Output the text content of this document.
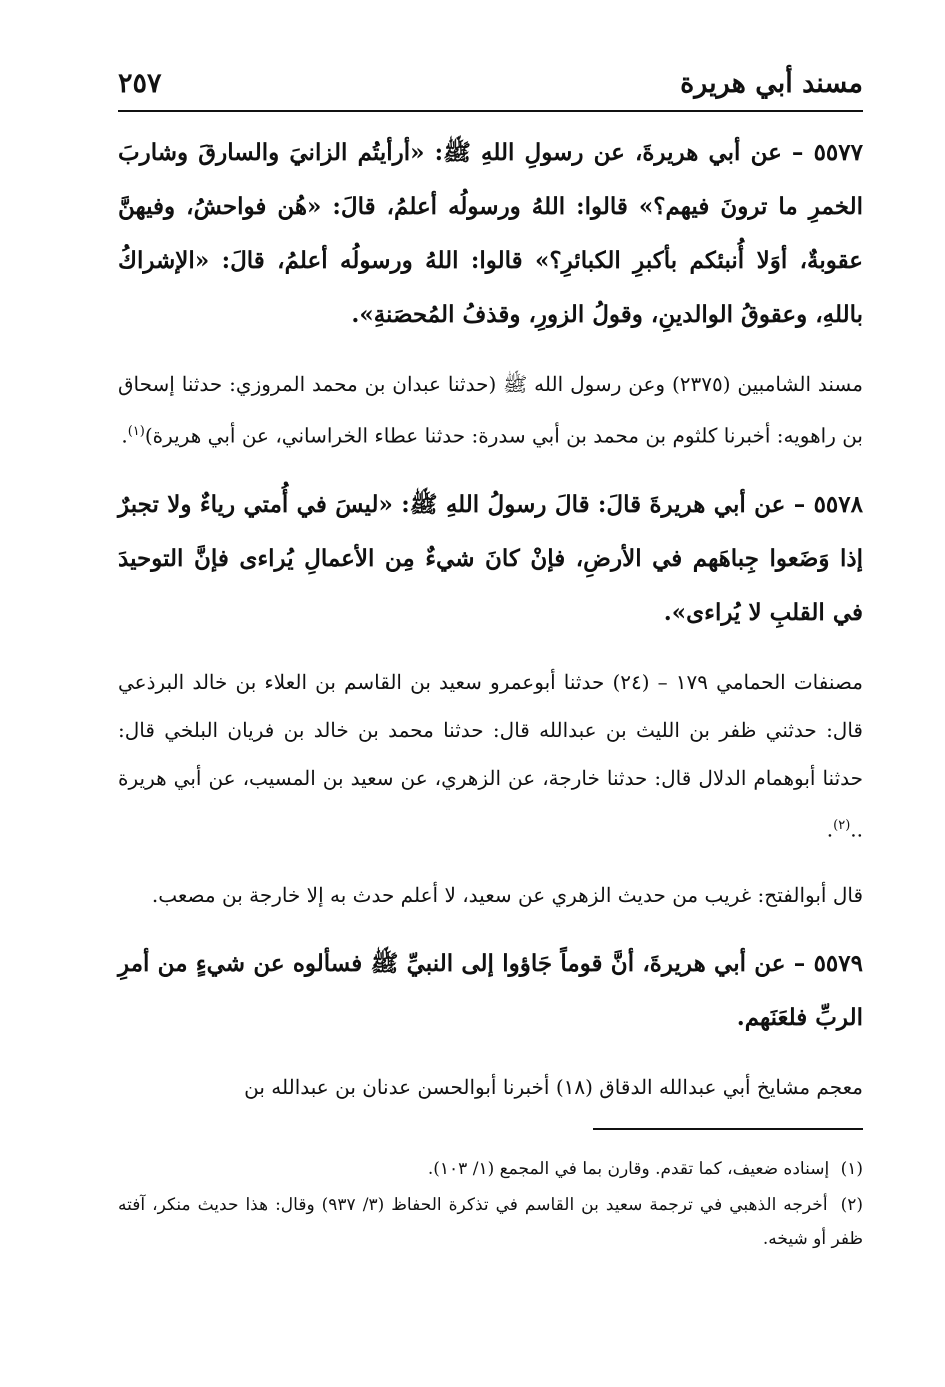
مسند أبي هريرة
٢٥٧

٥٥٧٧ – عن أبي هريرةَ، عن رسولِ اللهِ ﷺ: «أرأيتُم الزانيَ والسارقَ وشاربَ الخمرِ ما ترونَ فيهم؟» قالوا: اللهُ ورسولُه أعلمُ، قالَ: «هُن فواحشُ، وفيهنَّ عقوبةٌ، أوَلا أُنبئكم بأكبرِ الكبائرِ؟» قالوا: اللهُ ورسولُه أعلمُ، قالَ: «الإشراكُ باللهِ، وعقوقُ الوالدينِ، وقولُ الزورِ، وقذفُ المُحصَنةِ».

مسند الشامبين (٢٣٧٥) وعن رسول الله ﷺ (حدثنا عبدان بن محمد المروزي: حدثنا إسحاق بن راهويه: أخبرنا كلثوم بن محمد بن أبي سدرة: حدثنا عطاء الخراساني، عن أبي هريرة)$^{(١)}$.

٥٥٧٨ – عن أبي هريرةَ قالَ: قالَ رسولُ اللهِ ﷺ: «ليسَ في أُمتي رياءٌ ولا تجبرٌ إذا وَضَعوا جِباهَهم في الأرضِ، فإنْ كانَ شيءٌ مِن الأعمالِ يُراءى فإنَّ التوحيدَ في القلبِ لا يُراءى».

مصنفات الحمامي ١٧٩ – (٢٤) حدثنا أبوعمرو سعيد بن القاسم بن العلاء بن خالد البرذعي قال: حدثني ظفر بن الليث بن عبدالله قال: حدثنا محمد بن خالد بن فريان البلخي قال: حدثنا أبوهمام الدلال قال: حدثنا خارجة، عن الزهري، عن سعيد بن المسيب، عن أبي هريرة ..$^{(٢)}$.

قال أبوالفتح: غريب من حديث الزهري عن سعيد، لا أعلم حدث به إلا خارجة بن مصعب.

٥٥٧٩ – عن أبي هريرةَ، أنَّ قوماً جَاؤوا إلى النبيِّ ﷺ فسألوه عن شيءٍ من أمرِ الربِّ فلعَنَهم.

معجم مشايخ أبي عبدالله الدقاق (١٨) أخبرنا أبوالحسن عدنان بن عبدالله بن

(١) إسناده ضعيف، كما تقدم. وقارن بما في المجمع (١/ ١٠٣).

(٢) أخرجه الذهبي في ترجمة سعيد بن القاسم في تذكرة الحفاظ (٣/ ٩٣٧) وقال: هذا حديث منكر، آفته ظفر أو شيخه.
